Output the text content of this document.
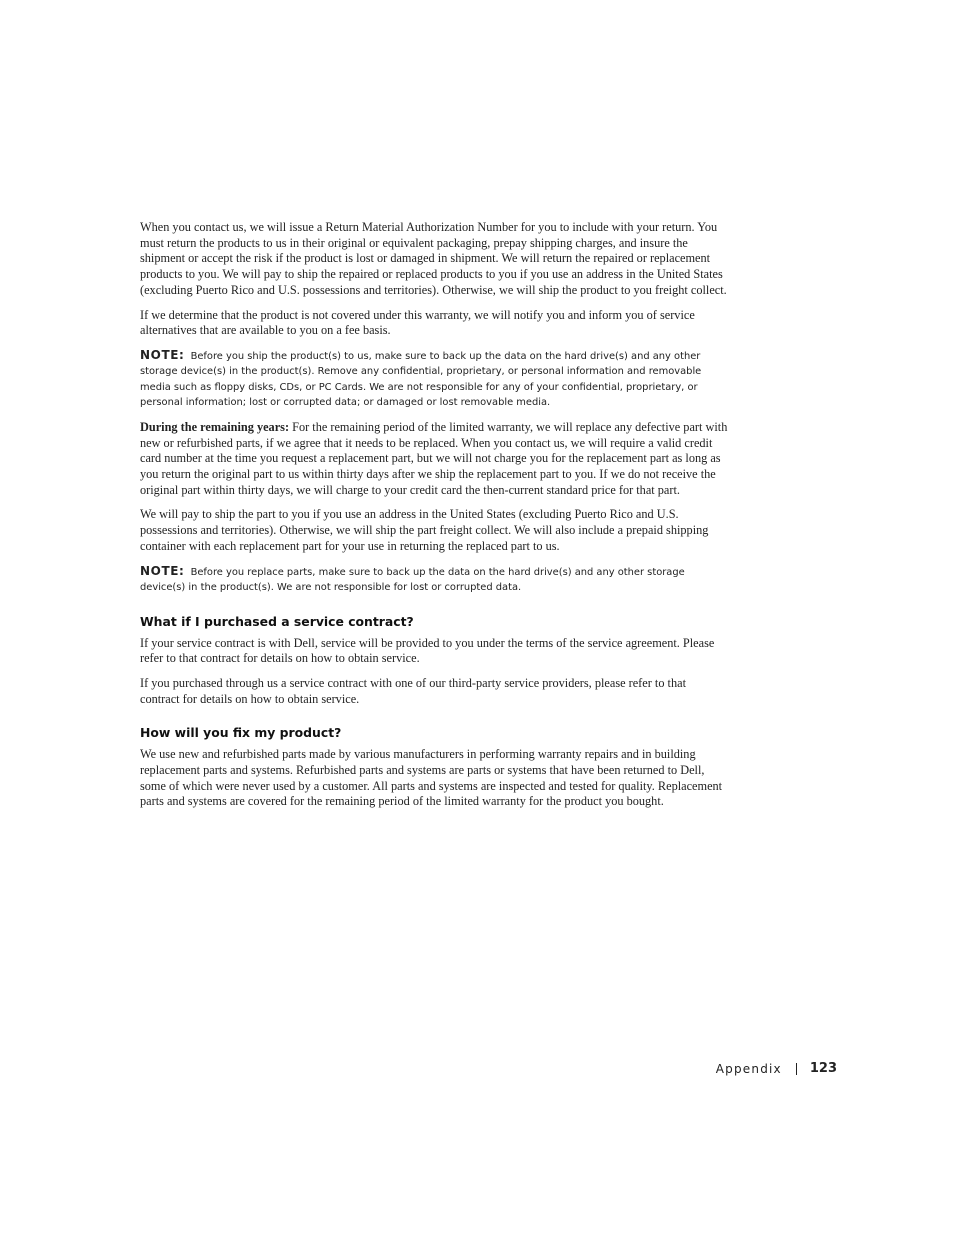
When you contact us, we will issue a Return Material Authorization Number for you to include with your return. You must return the products to us in their original or equivalent packaging, prepay shipping charges, and insure the shipment or accept the risk if the product is lost or damaged in shipment. We will return the repaired or replacement products to you. We will pay to ship the repaired or replaced products to you if you use an address in the United States (excluding Puerto Rico and U.S. possessions and territories). Otherwise, we will ship the product to you freight collect.

If we determine that the product is not covered under this warranty, we will notify you and inform you of service alternatives that are available to you on a fee basis.

NOTE: Before you ship the product(s) to us, make sure to back up the data on the hard drive(s) and any other storage device(s) in the product(s). Remove any confidential, proprietary, or personal information and removable media such as floppy disks, CDs, or PC Cards. We are not responsible for any of your confidential, proprietary, or personal information; lost or corrupted data; or damaged or lost removable media.

During the remaining years: For the remaining period of the limited warranty, we will replace any defective part with new or refurbished parts, if we agree that it needs to be replaced. When you contact us, we will require a valid credit card number at the time you request a replacement part, but we will not charge you for the replacement part as long as you return the original part to us within thirty days after we ship the replacement part to you. If we do not receive the original part within thirty days, we will charge to your credit card the then-current standard price for that part.

We will pay to ship the part to you if you use an address in the United States (excluding Puerto Rico and U.S. possessions and territories). Otherwise, we will ship the part freight collect. We will also include a prepaid shipping container with each replacement part for your use in returning the replaced part to us.

NOTE: Before you replace parts, make sure to back up the data on the hard drive(s) and any other storage device(s) in the product(s). We are not responsible for lost or corrupted data.

What if I purchased a service contract?

If your service contract is with Dell, service will be provided to you under the terms of the service agreement. Please refer to that contract for details on how to obtain service.

If you purchased through us a service contract with one of our third-party service providers, please refer to that contract for details on how to obtain service.

How will you fix my product?

We use new and refurbished parts made by various manufacturers in performing warranty repairs and in building replacement parts and systems. Refurbished parts and systems are parts or systems that have been returned to Dell, some of which were never used by a customer. All parts and systems are inspected and tested for quality. Replacement parts and systems are covered for the remaining period of the limited warranty for the product you bought.

Appendix 123
